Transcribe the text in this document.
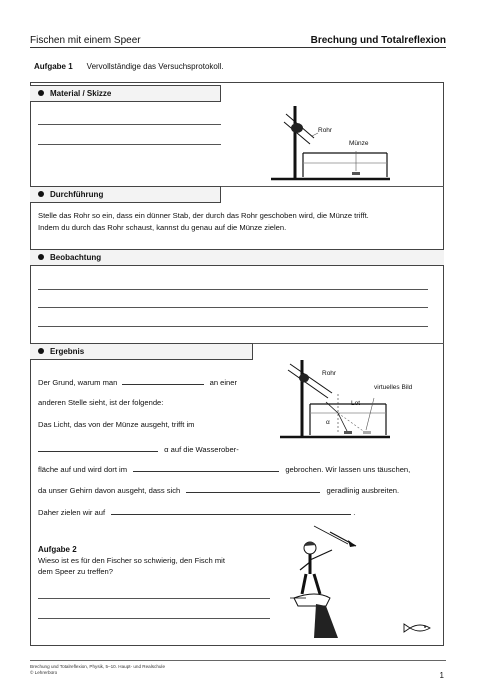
Fischen mit einem Speer	Brechung und Totalreflexion
Aufgabe 1 Vervollständige das Versuchsprotokoll.
Material / Skizze
Rohr
Münze
Durchführung
Stelle das Rohr so ein, dass ein dünner Stab, der durch das Rohr geschoben wird, die Münze trifft.
Indem du durch das Rohr schaust, kannst du genau auf die Münze zielen.
Beobachtung
Ergebnis
Rohr
Lot
virtuelles Bild
α
Der Grund, warum man	an einer
anderen Stelle sieht, ist der folgende:
Das Licht, das von der Münze ausgeht, trifft im
α auf die Wasserober-
fläche auf und wird dort im	gebrochen. Wir lassen uns täuschen,
da unser Gehirn davon ausgeht, dass sich	geradlinig ausbreiten.
Daher zielen wir auf	.
Aufgabe 2
Wieso ist es für den Fischer so schwierig, den Fisch mit
dem Speer zu treffen?
Brechung und Totalreflexion, Physik, 5–10. Haupt- und Realschule
© Lehrerbüro	1
